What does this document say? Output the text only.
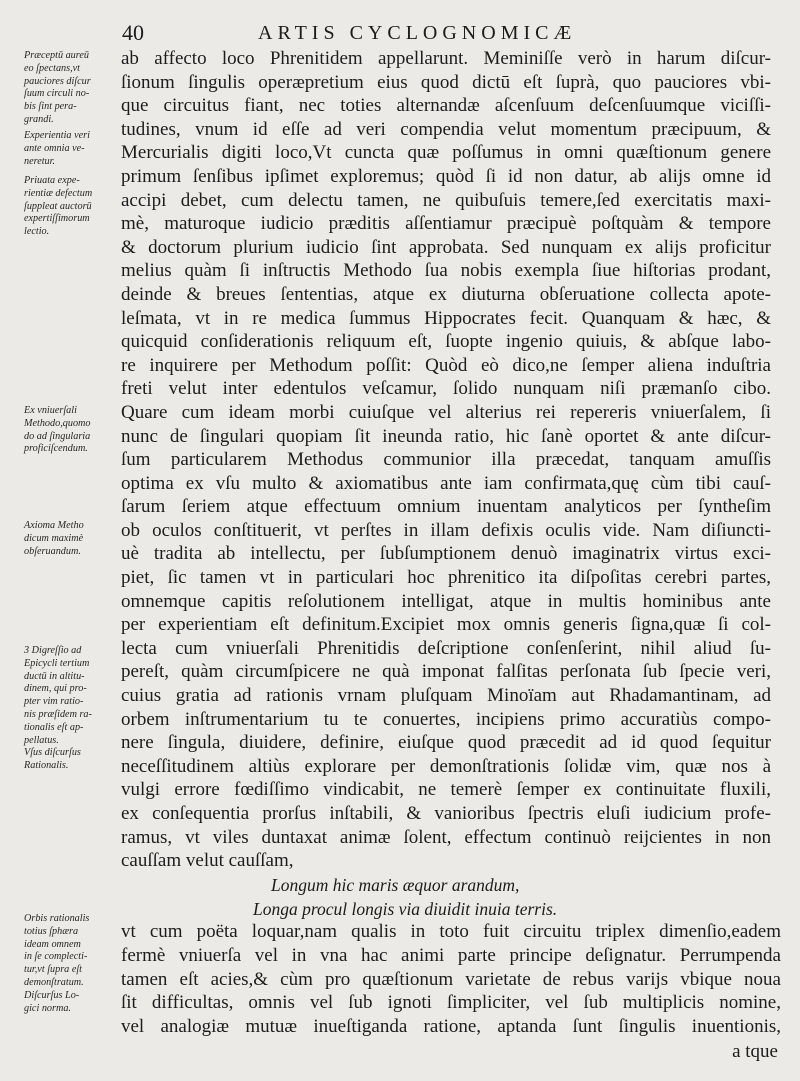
40	ARTIS CYCLOGNOMICÆ
Præceptū aureū
eo ſpectans,vt
pauciores diſcur
ſuum circuli no-
bis ſint pera-
grandi.
Experientia veri
ante omnia ve-
neretur.
Priuata expe-
rientiæ defectum
ſuppleat auctorū
expertiſſimorum
lectio.
Ex vniuerſali
Methodo,quomo
do ad ſingularia
proficiſcendum.
Axioma Metho
dicum maximè
obſeruandum.
3 Digreſſio ad
Epicycli tertium
ductū in altitu-
dinem, qui pro-
pter vim ratio-
nis præſidem ra-
tionalis eſt ap-
pellatus.
Vſus diſcurſus
Rationalis.
Orbis rationalis
totius ſphæra
ideam omnem
in ſe complecti-
tur,vt ſupra eſt
demonſtratum.
Diſcurſus Lo-
gici norma.
ab affecto loco Phrenitidem appellarunt. Meminiſſe verò in harum diſcur-
ſionum ſingulis operæpretium eius quod dictū eſt ſuprà, quo pauciores vbi-
que circuitus fiant, nec toties alternandæ aſcenſuum deſcenſuumque viciſſi-
tudines, vnum id eſſe ad veri compendia velut momentum præcipuum, &
Mercurialis digiti loco,Vt cuncta quæ poſſumus in omni quæſtionum genere
primum ſenſibus ipſimet exploremus; quòd ſi id non datur, ab alijs omne id
accipi debet, cum delectu tamen, ne quibuſuis temere,ſed exercitatis maxi-
mè, maturoque iudicio præditis aſſentiamur præcipuè poſtquàm & tempore
& doctorum plurium iudicio ſint approbata. Sed nunquam ex alijs proficitur
melius quàm ſi inſtructis Methodo ſua nobis exempla ſiue hiſtorias prodant,
deinde & breues ſententias, atque ex diuturna obſeruatione collecta apote-
leſmata, vt in re medica ſummus Hippocrates fecit. Quanquam & hæc, &
quicquid conſiderationis reliquum eſt, ſuopte ingenio quiuis, & abſque labo-
re inquirere per Methodum poſſit: Quòd eò dico,ne ſemper aliena induſtria
freti velut inter edentulos veſcamur, ſolido nunquam niſi præmanſo cibo.
Quare cum ideam morbi cuiuſque vel alterius rei repereris vniuerſalem, ſi
nunc de ſingulari quopiam ſit ineunda ratio, hic ſanè oportet & ante diſcur-
ſum particularem Methodus communior illa præcedat, tanquam amuſſis
optima ex vſu multo & axiomatibus ante iam confirmata,quę cùm tibi cauſ-
ſarum ſeriem atque effectuum omnium inuentam analyticos per ſyntheſim
ob oculos conſtituerit, vt perſtes in illam defixis oculis vide. Nam diſiuncti-
uè tradita ab intellectu, per ſubſumptionem denuò imaginatrix virtus exci-
piet, ſic tamen vt in particulari hoc phrenitico ita diſpoſitas cerebri partes,
omnemque capitis reſolutionem intelligat, atque in multis hominibus ante
per experientiam eſt definitum.Excipiet mox omnis generis ſigna,quæ ſi col-
lecta cum vniuerſali Phrenitidis deſcriptione conſenſerint, nihil aliud ſu-
pereſt, quàm circumſpicere ne quà imponat falſitas perſonata ſub ſpecie veri,
cuius gratia ad rationis vrnam pluſquam Minoïam aut Rhadamantinam, ad
orbem inſtrumentarium tu te conuertes, incipiens primo accuratiùs compo-
nere ſingula, diuidere, definire, eiuſque quod præcedit ad id quod ſequitur
neceſſitudinem altiùs explorare per demonſtrationis ſolidæ vim, quæ nos à
vulgi errore fœdiſſimo vindicabit, ne temerè ſemper ex continuitate fluxili,
ex conſequentia prorſus inſtabili, & vanioribus ſpectris eluſi iudicium profe-
ramus, vt viles duntaxat animæ ſolent, effectum continuò reijcientes in non
cauſſam velut cauſſam,
Longum hic maris æquor arandum,
Longa procul longis via diuidit inuia terris.
vt cum poëta loquar,nam qualis in toto fuit circuitu triplex dimenſio,eadem
fermè vniuerſa vel in vna hac animi parte principe deſignatur. Perrumpenda
tamen eſt acies,& cùm pro quæſtionum varietate de rebus varijs vbique noua
ſit difficultas, omnis vel ſub ignoti ſimpliciter, vel ſub multiplicis nomine,
vel analogiæ mutuæ inueſtiganda ratione, aptanda ſunt ſingulis inuentionis,
a tque
